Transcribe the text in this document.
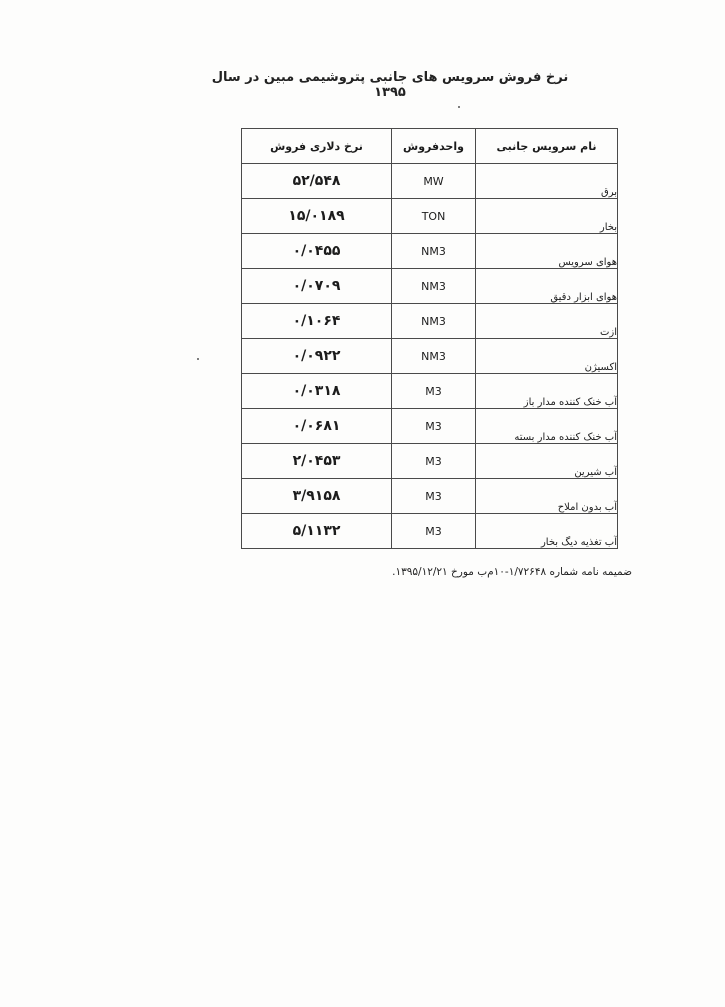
نرخ فروش سرویس های جانبی پتروشیمی مبین در سال ۱۳۹۵
نام سرویس جانبی	واحدفروش	نرخ دلاری فروش
برق	MW	۵۲/۵۴۸
بخار	TON	۱۵/۰۱۸۹
هوای سرویس	NM3	۰/۰۴۵۵
هوای ابزار دقیق	NM3	۰/۰۷۰۹
ازت	NM3	۰/۱۰۶۴
اکسیژن	NM3	۰/۰۹۲۲
آب خنک کننده مدار باز	M3	۰/۰۳۱۸
آب خنک کننده مدار بسته	M3	۰/۰۶۸۱
آب شیرین	M3	۲/۰۴۵۳
آب بدون املاح	M3	۳/۹۱۵۸
آب تغذیه دیگ بخار	M3	۵/۱۱۳۲
ضمیمه نامه شماره ۱/۷۲۶۴۸-۱۰م‌ب مورخ ۱۳۹۵/۱۲/۲۱.
